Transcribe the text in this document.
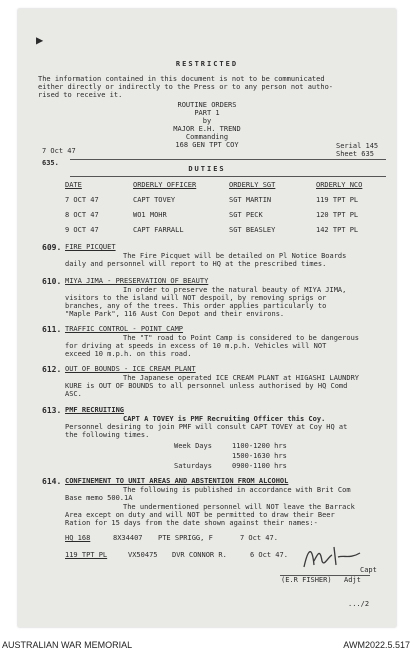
▶
RESTRICTED
The information contained in this document is not to be communicated
either directly or indirectly to the Press or to any person not autho-
rised to receive it.
ROUTINE ORDERS
PART 1
by
MAJOR E.H. TREND
Commanding
168 GEN TPT COY
7 Oct 47
Serial 145
Sheet 635
635.
DUTIES
DATE	ORDERLY OFFICER	ORDERLY SGT	ORDERLY NCO
7 OCT 47	CAPT TOVEY	SGT MARTIN	119 TPT PL
8 OCT 47	WO1 MOHR	SGT PECK	120 TPT PL
9 OCT 47	CAPT FARRALL	SGT BEASLEY	142 TPT PL
609. FIRE PICQUET
The Fire Picquet will be detailed on Pl Notice Boards
daily and personnel will report to HQ at the prescribed times.
610. MIYA JIMA - PRESERVATION OF BEAUTY
In order to preserve the natural beauty of MIYA JIMA,
visitors to the island will NOT despoil, by removing sprigs or
branches, any of the trees. This order applies particularly to
"Maple Park", 116 Aust Con Depot and their environs.
611. TRAFFIC CONTROL - POINT CAMP
The "T" road to Point Camp is considered to be dangerous
for driving at speeds in excess of 10 m.p.h. Vehicles will NOT
exceed 10 m.p.h. on this road.
612. OUT OF BOUNDS - ICE CREAM PLANT
The Japanese operated ICE CREAM PLANT at HIGASHI LAUNDRY
KURE is OUT OF BOUNDS to all personnel unless authorised by HQ Comd
ASC.
613. PMF RECRUITING
CAPT A TOVEY is PMF Recruiting Officer this Coy.
Personnel desiring to join PMF will consult CAPT TOVEY at Coy HQ at
the following times.
Week Days	1100-1200 hrs
1500-1630 hrs
Saturdays	0900-1100 hrs
614. CONFINEMENT TO UNIT AREAS AND ABSTENTION FROM ALCOHOL
The following is published in accordance with Brit Com
Base memo 500.1A
The undermentioned personnel will NOT leave the Barrack
Area except on duty and will NOT be permitted to draw their Beer
Ration for 15 days from the date shown against their names:-
HQ 168	8X34407 PTE SPRIGG, F	7 Oct 47.
119 TPT PL	VX50475 DVR CONNOR R.	6 Oct 47.
Capt
(E.R FISHER) Adjt
.../2
AUSTRALIAN WAR MEMORIAL	AWM2022.5.517
